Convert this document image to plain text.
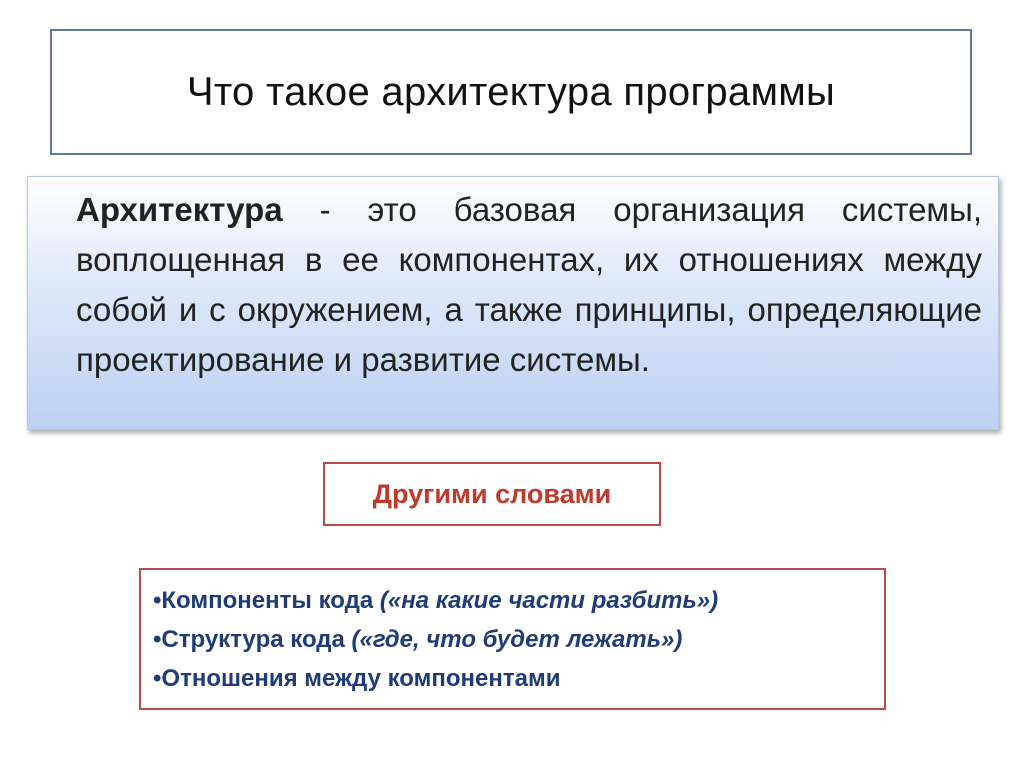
Что такое архитектура программы

Архитектура - это базовая организация системы, воплощенная в ее компонентах, их отношениях между собой и с окружением, а также принципы, определяющие проектирование и развитие системы.

Другими словами
•Компоненты кода («на какие части разбить»)
•Структура кода («где, что будет лежать»)
•Отношения между компонентами
